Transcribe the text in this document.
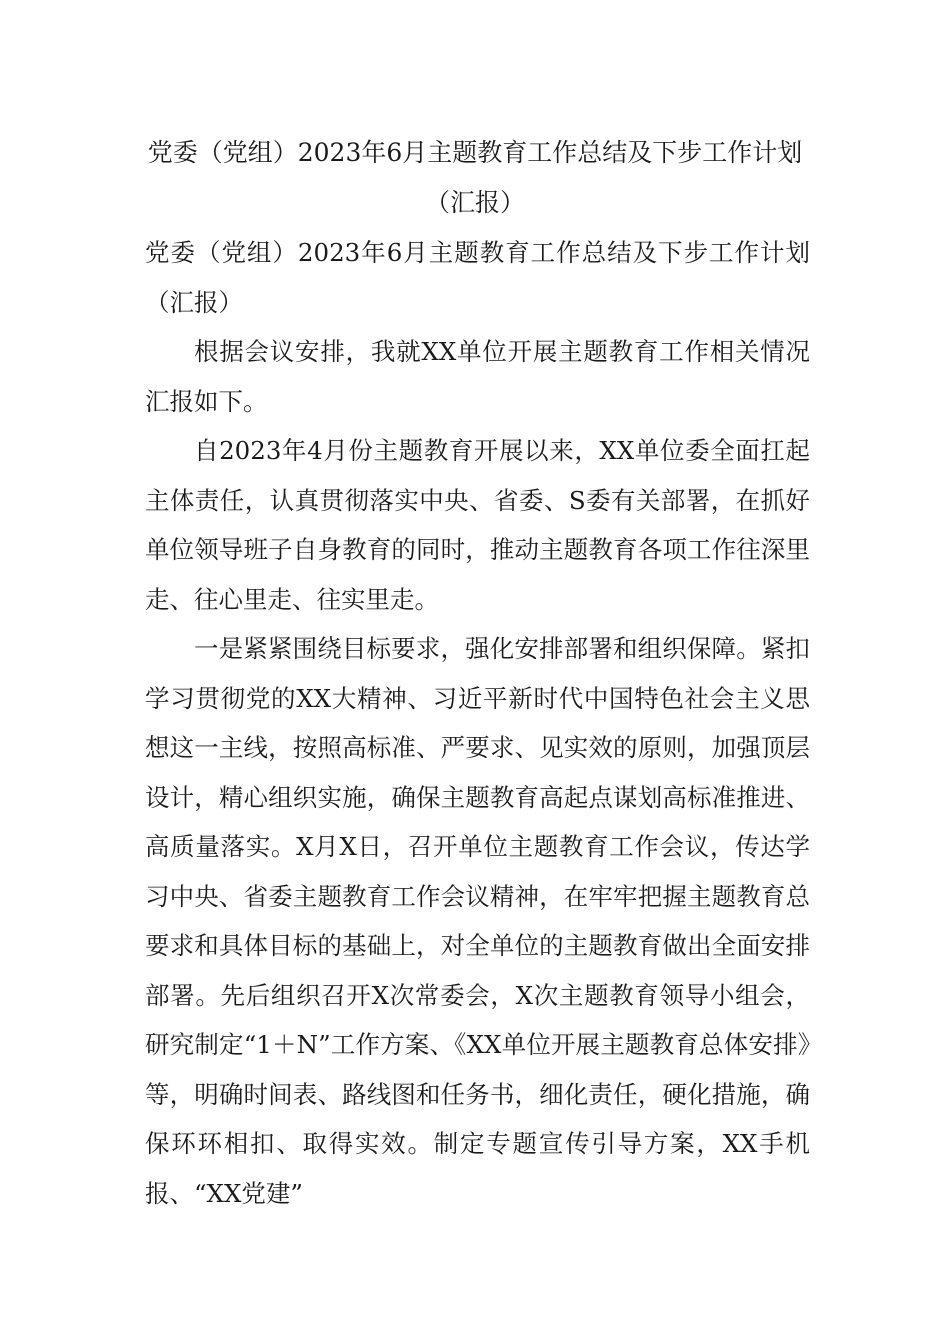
党委（党组）2023年6月主题教育工作总结及下步工作计划（汇报）

党委（党组）2023年6月主题教育工作总结及下步工作计划（汇报）

根据会议安排，我就XX单位开展主题教育工作相关情况汇报如下。

自2023年4月份主题教育开展以来，XX单位委全面扛起主体责任，认真贯彻落实中央、省委、S委有关部署，在抓好单位领导班子自身教育的同时，推动主题教育各项工作往深里走、往心里走、往实里走。

一是紧紧围绕目标要求，强化安排部署和组织保障。紧扣学习贯彻党的XX大精神、习近平新时代中国特色社会主义思想这一主线，按照高标准、严要求、见实效的原则，加强顶层设计，精心组织实施，确保主题教育高起点谋划高标准推进、高质量落实。X月X日，召开单位主题教育工作会议，传达学习中央、省委主题教育工作会议精神，在牢牢把握主题教育总要求和具体目标的基础上，对全单位的主题教育做出全面安排部署。先后组织召开X次常委会，X次主题教育领导小组会，研究制定“1＋N”工作方案、《XX单位开展主题教育总体安排》等，明确时间表、路线图和任务书，细化责任，硬化措施，确保环环相扣、取得实效。制定专题宣传引导方案，XX手机报、“XX党建”
